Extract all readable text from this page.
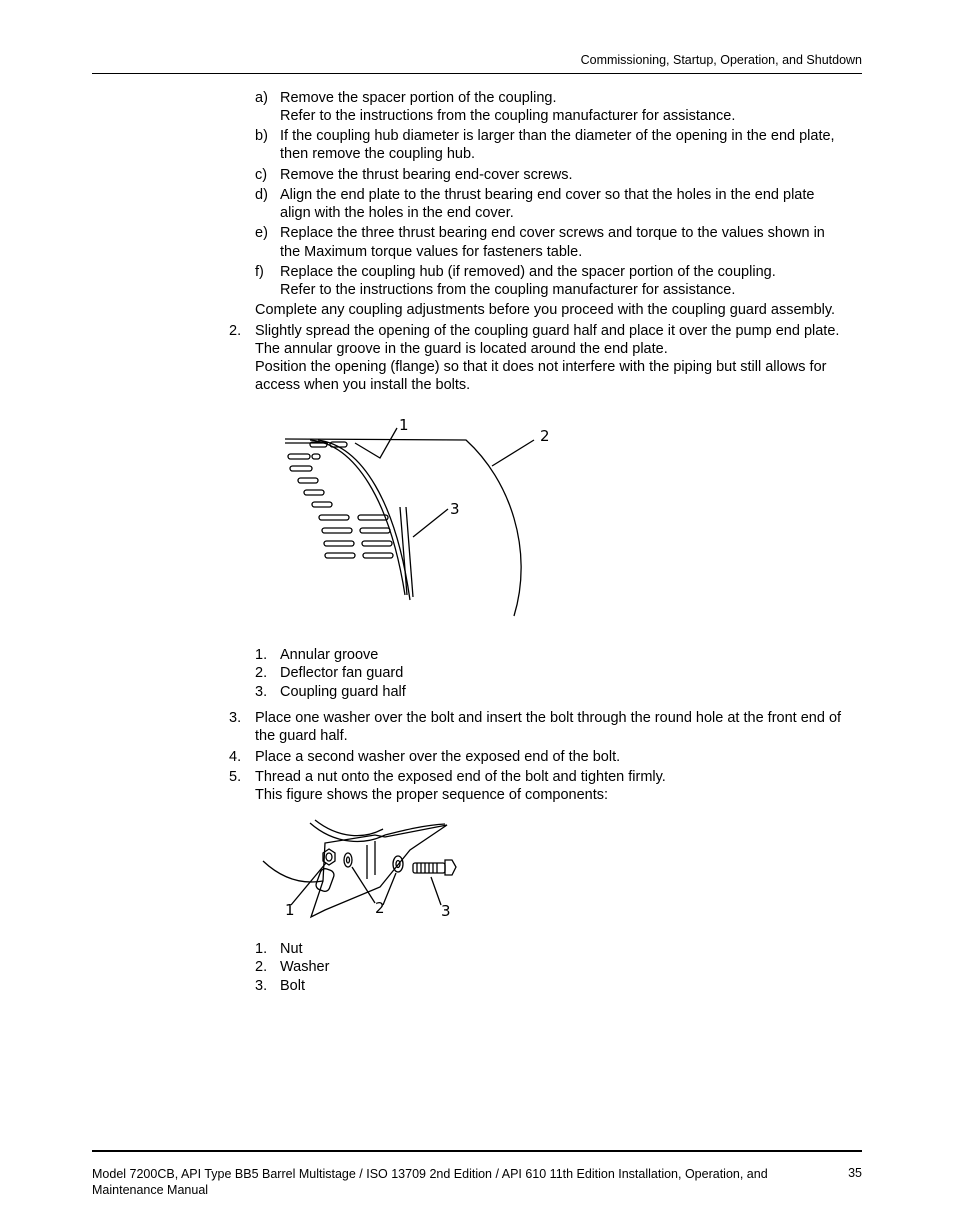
Commissioning, Startup, Operation, and Shutdown
a) Remove the spacer portion of the coupling.
Refer to the instructions from the coupling manufacturer for assistance.
b) If the coupling hub diameter is larger than the diameter of the opening in the end plate,
then remove the coupling hub.
c) Remove the thrust bearing end-cover screws.
d) Align the end plate to the thrust bearing end cover so that the holes in the end plate
align with the holes in the end cover.
e) Replace the three thrust bearing end cover screws and torque to the values shown in
the Maximum torque values for fasteners table.
f) Replace the coupling hub (if removed) and the spacer portion of the coupling.
Refer to the instructions from the coupling manufacturer for assistance.
Complete any coupling adjustments before you proceed with the coupling guard assembly.
2. Slightly spread the opening of the coupling guard half and place it over the pump end plate.
The annular groove in the guard is located around the end plate.
Position the opening (flange) so that it does not interfere with the piping but still allows for
access when you install the bolts.
1
2
3
1. Annular groove
2. Deflector fan guard
3. Coupling guard half
3. Place one washer over the bolt and insert the bolt through the round hole at the front end of
the guard half.
4. Place a second washer over the exposed end of the bolt.
5. Thread a nut onto the exposed end of the bolt and tighten firmly.
This figure shows the proper sequence of components:
1	2	3
1. Nut
2. Washer
3. Bolt
Model 7200CB, API Type BB5 Barrel Multistage / ISO 13709 2nd Edition / API 610 11th Edition Installation, Operation, and Maintenance Manual
35
